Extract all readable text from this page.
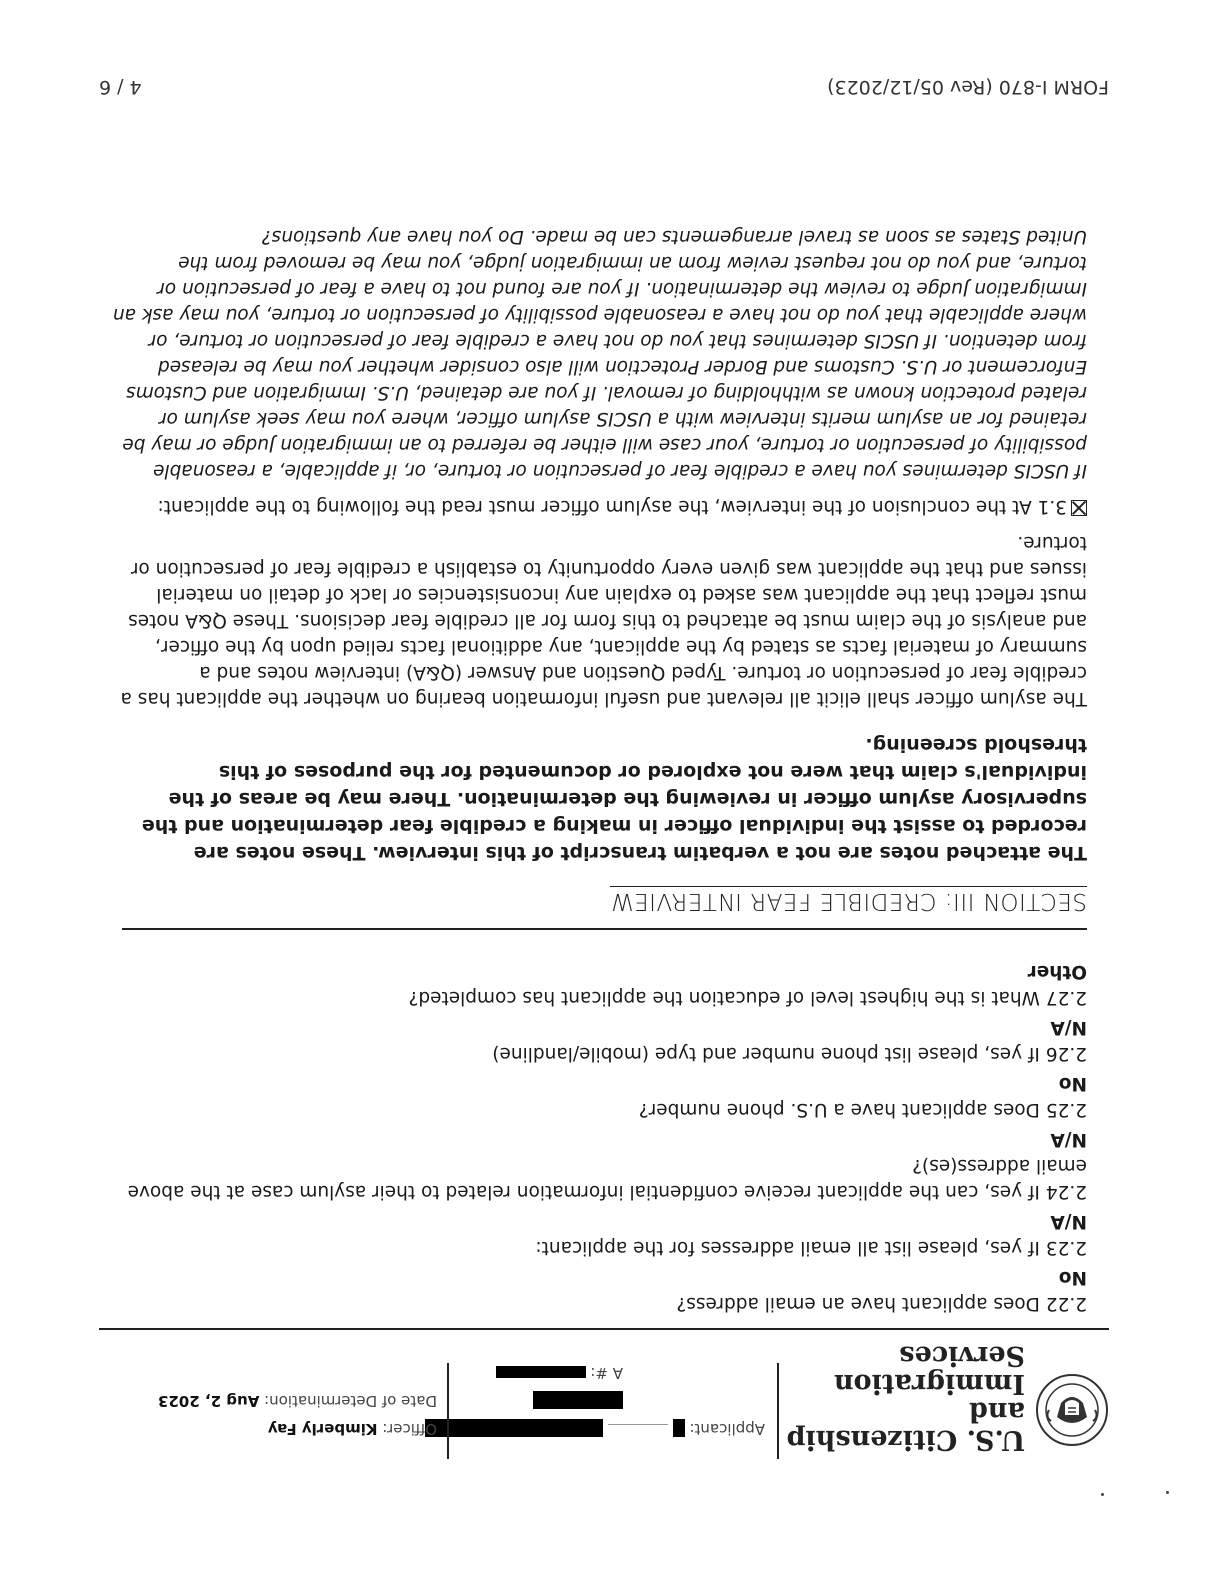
U.S. Citizenship
and Immigration
Services
Applicant:
A #:
Officer: Kimberly Fay
Date of Determination: Aug 2, 2023

2.22 Does applicant have an email address?

No

2.23 If yes, please list all email addresses for the applicant:

N/A

2.24 If yes, can the applicant receive confidential information related to their asylum case at the above email address(es)?

N/A

2.25 Does applicant have a U.S. phone number?

No

2.26 If yes, please list phone number and type (mobile/landline)

N/A

2.27 What is the highest level of education the applicant has completed?

Other

SECTION III: CREDIBLE FEAR INTERVIEW

The attached notes are not a verbatim transcript of this interview. These notes are recorded to assist the individual officer in making a credible fear determination and the supervisory asylum officer in reviewing the determination. There may be areas of the individual's claim that were not explored or documented for the purposes of this threshold screening.

The asylum officer shall elicit all relevant and useful information bearing on whether the applicant has a credible fear of persecution or torture. Typed Question and Answer (Q&A) interview notes and a summary of material facts as stated by the applicant, any additional facts relied upon by the officer, and analysis of the claim must be attached to this form for all credible fear decisions. These Q&A notes must reflect that the applicant was asked to explain any inconsistencies or lack of detail on material issues and that the applicant was given every opportunity to establish a credible fear of persecution or torture.

3.1 At the conclusion of the interview, the asylum officer must read the following to the applicant:

If USCIS determines you have a credible fear of persecution or torture, or, if applicable, a reasonable possibility of persecution or torture, your case will either be referred to an immigration Judge or may be retained for an asylum merits interview with a USCIS asylum officer, where you may seek asylum or related protection known as withholding of removal. If you are detained, U.S. Immigration and Customs Enforcement or U.S. Customs and Border Protection will also consider whether you may be released from detention. If USCIS determines that you do not have a credible fear of persecution or torture, or where applicable that you do not have a reasonable possibility of persecution or torture, you may ask an Immigration Judge to review the determination. If you are found not to have a fear of persecution or torture, and you do not request review from an immigration judge, you may be removed from the United States as soon as travel arrangements can be made. Do you have any questions?

FORM I-870 (Rev 05/12/2023)
4 / 6
